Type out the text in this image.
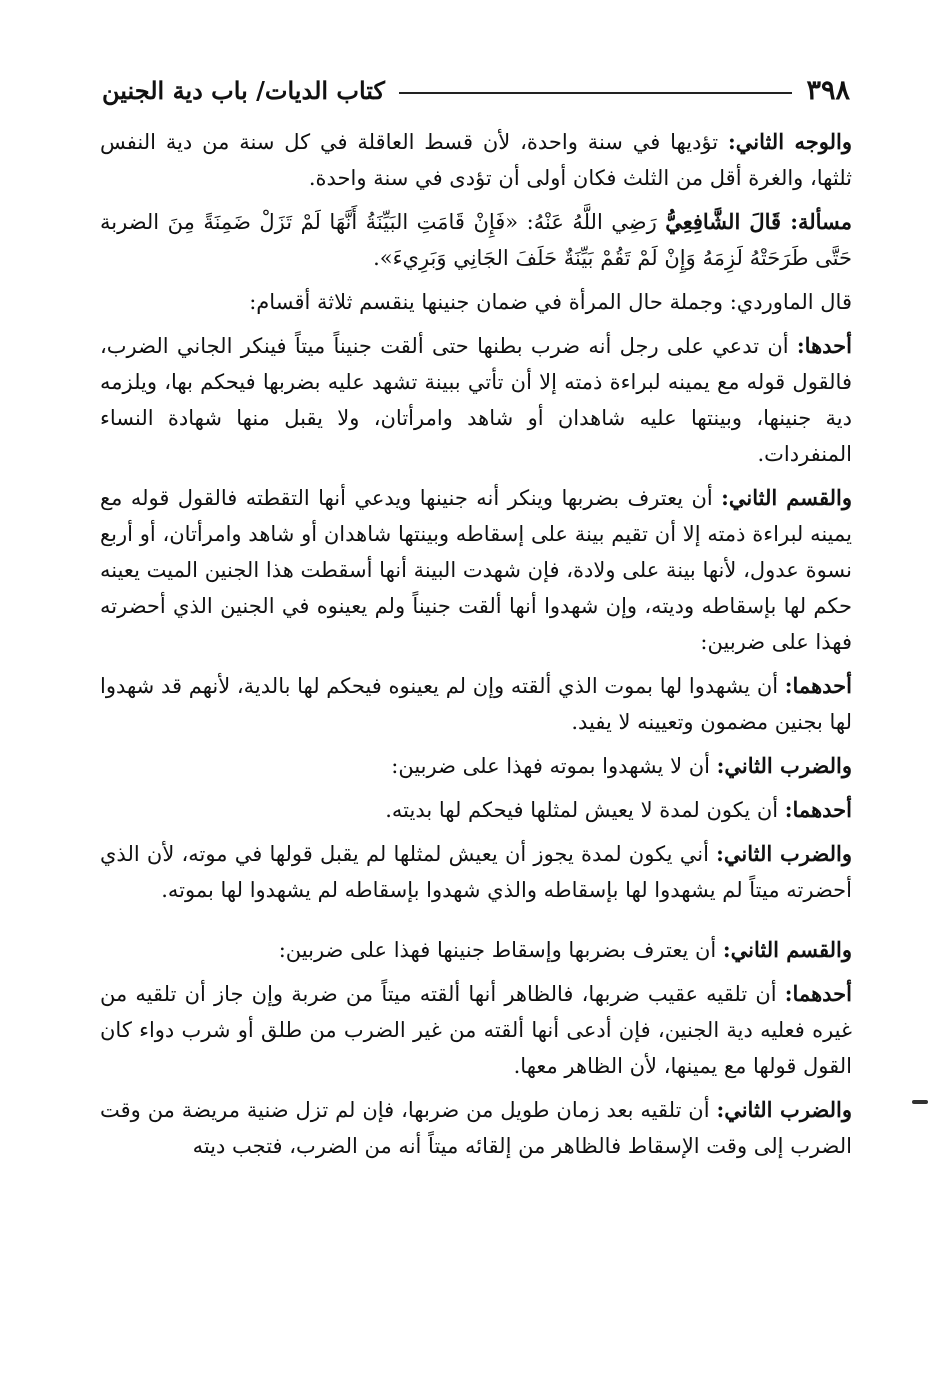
٣٩٨
كتاب الديات/ باب دية الجنين

والوجه الثاني: تؤديها في سنة واحدة، لأن قسط العاقلة في كل سنة من دية النفس ثلثها، والغرة أقل من الثلث فكان أولى أن تؤدى في سنة واحدة.

مسألة: قَالَ الشَّافِعِيُّ رَضِي اللَّهُ عَنْهُ: «فَإِنْ قَامَتِ البَيِّنَةُ أَنَّهَا لَمْ تَزَلْ ضَمِنَةً مِنَ الضربة حَتَّى طَرَحَتْهُ لَزِمَهُ وَإِنْ لَمْ تَقُمْ بَيِّنَةٌ حَلَفَ الجَانِي وَبَرِيءَ».

قال الماوردي: وجملة حال المرأة في ضمان جنينها ينقسم ثلاثة أقسام:

أحدها: أن تدعي على رجل أنه ضرب بطنها حتى ألقت جنيناً ميتاً فينكر الجاني الضرب، فالقول قوله مع يمينه لبراءة ذمته إلا أن تأتي ببينة تشهد عليه بضربها فيحكم بها، ويلزمه دية جنينها، وبينتها عليه شاهدان أو شاهد وامرأتان، ولا يقبل منها شهادة النساء المنفردات.

والقسم الثاني: أن يعترف بضربها وينكر أنه جنينها ويدعي أنها التقطته فالقول قوله مع يمينه لبراءة ذمته إلا أن تقيم بينة على إسقاطه وبينتها شاهدان أو شاهد وامرأتان، أو أربع نسوة عدول، لأنها بينة على ولادة، فإن شهدت البينة أنها أسقطت هذا الجنين الميت يعينه حكم لها بإسقاطه وديته، وإن شهدوا أنها ألقت جنيناً ولم يعينوه في الجنين الذي أحضرته فهذا على ضربين:

أحدهما: أن يشهدوا لها بموت الذي ألقته وإن لم يعينوه فيحكم لها بالدية، لأنهم قد شهدوا لها بجنين مضمون وتعيينه لا يفيد.

والضرب الثاني: أن لا يشهدوا بموته فهذا على ضربين:

أحدهما: أن يكون لمدة لا يعيش لمثلها فيحكم لها بديته.

والضرب الثاني: أني يكون لمدة يجوز أن يعيش لمثلها لم يقبل قولها في موته، لأن الذي أحضرته ميتاً لم يشهدوا لها بإسقاطه والذي شهدوا بإسقاطه لم يشهدوا لها بموته.

والقسم الثاني: أن يعترف بضربها وإسقاط جنينها فهذا على ضربين:

أحدهما: أن تلقيه عقيب ضربها، فالظاهر أنها ألقته ميتاً من ضربة وإن جاز أن تلقيه من غيره فعليه دية الجنين، فإن أدعى أنها ألقته من غير الضرب من طلق أو شرب دواء كان القول قولها مع يمينها، لأن الظاهر معها.

والضرب الثاني: أن تلقيه بعد زمان طويل من ضربها، فإن لم تزل ضنية مريضة من وقت الضرب إلى وقت الإسقاط فالظاهر من إلقائه ميتاً أنه من الضرب، فتجب ديته
